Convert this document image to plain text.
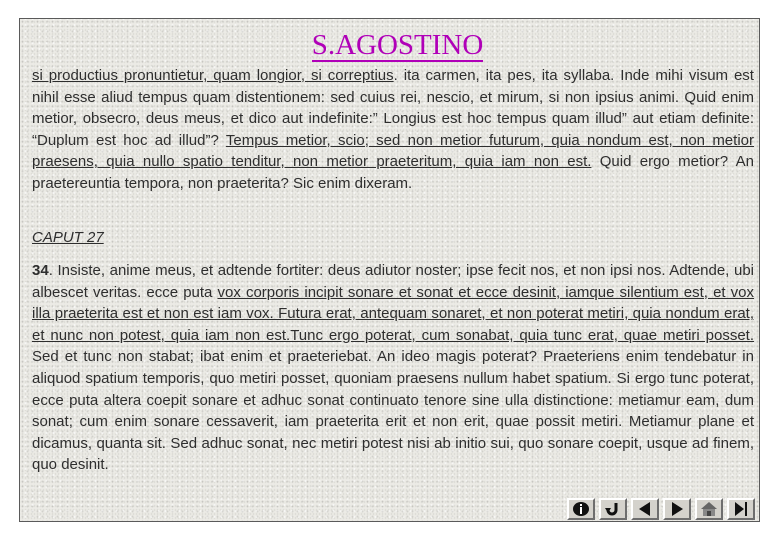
S.AGOSTINO

si productius pronuntietur, quam longior, si correptius. ita carmen, ita pes, ita syllaba. Inde mihi visum est nihil esse aliud tempus quam distentionem: sed cuius rei, nescio, et mirum, si non ipsius animi. Quid enim metior, obsecro, deus meus, et dico aut indefinite:” Longius est hoc tempus quam illud” aut etiam definite: “Duplum est hoc ad illud”? Tempus metior, scio; sed non metior futurum, quia nondum est, non metior praesens, quia nullo spatio tenditur, non metior praeteritum, quia iam non est. Quid ergo metior? An praetereuntia tempora, non praeterita? Sic enim dixeram.

CAPUT 27

34. Insiste, anime meus, et adtende fortiter: deus adiutor noster; ipse fecit nos, et non ipsi nos. Adtende, ubi albescet veritas. ecce puta vox corporis incipit sonare et sonat et ecce desinit, iamque silentium est, et vox illa praeterita est et non est iam vox. Futura erat, antequam sonaret, et non poterat metiri, quia nondum erat, et nunc non potest, quia iam non est.Tunc ergo poterat, cum sonabat, quia tunc erat, quae metiri posset. Sed et tunc non stabat; ibat enim et praeteriebat. An ideo magis poterat? Praeteriens enim tendebatur in aliquod spatium temporis, quo metiri posset, quoniam praesens nullum habet spatium. Si ergo tunc poterat, ecce puta altera coepit sonare et adhuc sonat continuato tenore sine ulla distinctione: metiamur eam, dum sonat; cum enim sonare cessaverit, iam praeterita erit et non erit, quae possit metiri. Metiamur plane et dicamus, quanta sit. Sed adhuc sonat, nec metiri potest nisi ab initio sui, quo sonare coepit, usque ad finem, quo desinit.
